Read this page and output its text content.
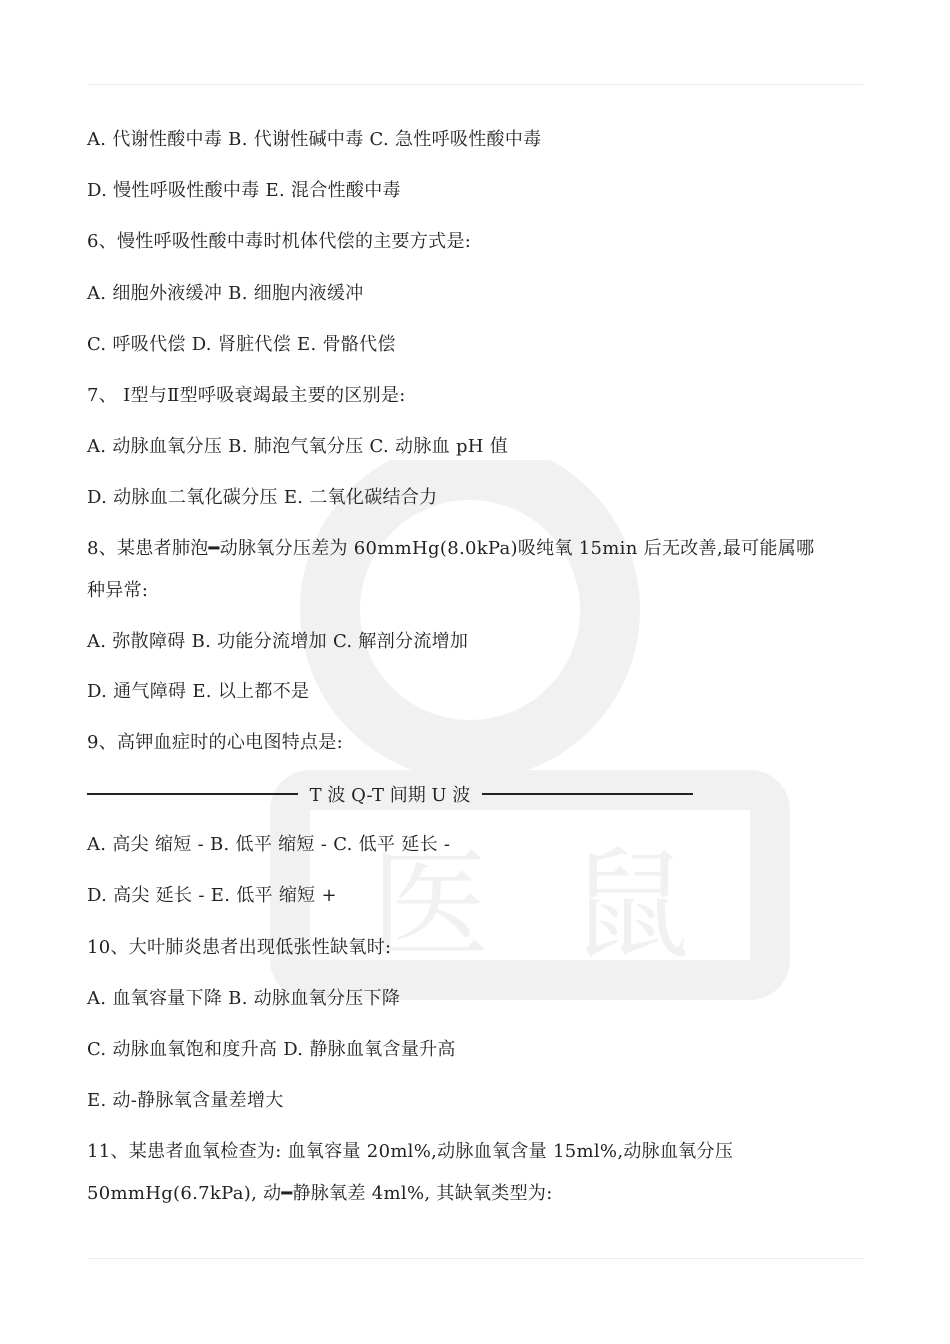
医 鼠
A. 代谢性酸中毒 B. 代谢性碱中毒 C. 急性呼吸性酸中毒
D. 慢性呼吸性酸中毒 E. 混合性酸中毒
6、慢性呼吸性酸中毒时机体代偿的主要方式是:
A. 细胞外液缓冲 B. 细胞内液缓冲
C. 呼吸代偿 D. 肾脏代偿 E. 骨骼代偿
7、 Ⅰ型与Ⅱ型呼吸衰竭最主要的区别是:
A. 动脉血氧分压 B. 肺泡气氧分压 C. 动脉血 pH 值
D. 动脉血二氧化碳分压 E. 二氧化碳结合力
8、某患者肺泡━动脉氧分压差为 60mmHg(8.0kPa)吸纯氧 15min 后无改善,最可能属哪
种异常:
A. 弥散障碍 B. 功能分流增加 C. 解剖分流增加
D. 通气障碍 E. 以上都不是
9、高钾血症时的心电图特点是:
T 波 Q-T 间期 U 波
A. 高尖 缩短 - B. 低平 缩短 - C. 低平 延长 -
D. 高尖 延长 - E. 低平 缩短 +
10、大叶肺炎患者出现低张性缺氧时:
A. 血氧容量下降 B. 动脉血氧分压下降
C. 动脉血氧饱和度升高 D. 静脉血氧含量升高
E. 动-静脉氧含量差增大
11、某患者血氧检查为: 血氧容量 20ml%,动脉血氧含量 15ml%,动脉血氧分压
50mmHg(6.7kPa), 动━静脉氧差 4ml%, 其缺氧类型为:
